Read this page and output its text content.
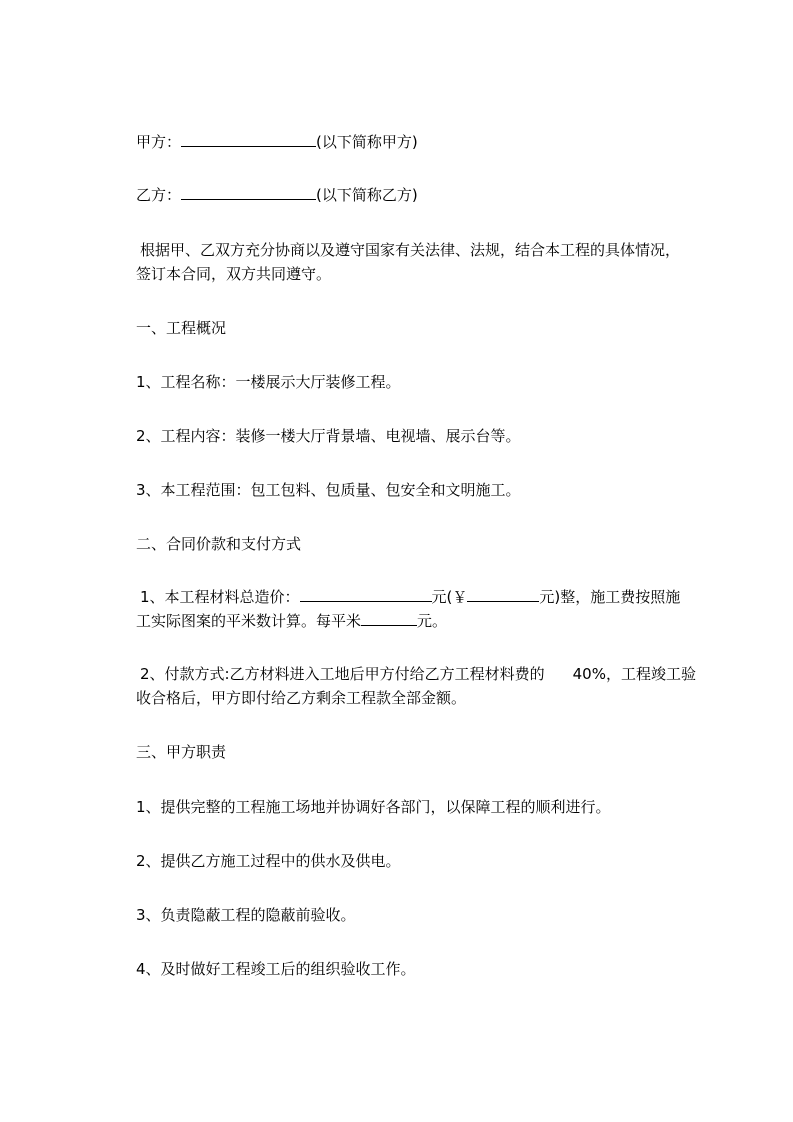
甲方：	(以下简称甲方)
乙方：	(以下简称乙方)
根据甲、乙双方充分协商以及遵守国家有关法律、法规，结合本工程的具体情况，
签订本合同，双方共同遵守。
一、工程概况
1、工程名称：一楼展示大厅装修工程。
2、工程内容：装修一楼大厅背景墙、电视墙、展示台等。
3、本工程范围：包工包料、包质量、包安全和文明施工。
二、合同价款和支付方式
1、本工程材料总造价：	元(￥	元)整，施工费按照施
工实际图案的平米数计算。每平米	元。
2、付款方式:乙方材料进入工地后甲方付给乙方工程材料费的 40%，工程竣工验
收合格后，甲方即付给乙方剩余工程款全部金额。
三、甲方职责
1、提供完整的工程施工场地并协调好各部门，以保障工程的顺利进行。
2、提供乙方施工过程中的供水及供电。
3、负责隐蔽工程的隐蔽前验收。
4、及时做好工程竣工后的组织验收工作。
